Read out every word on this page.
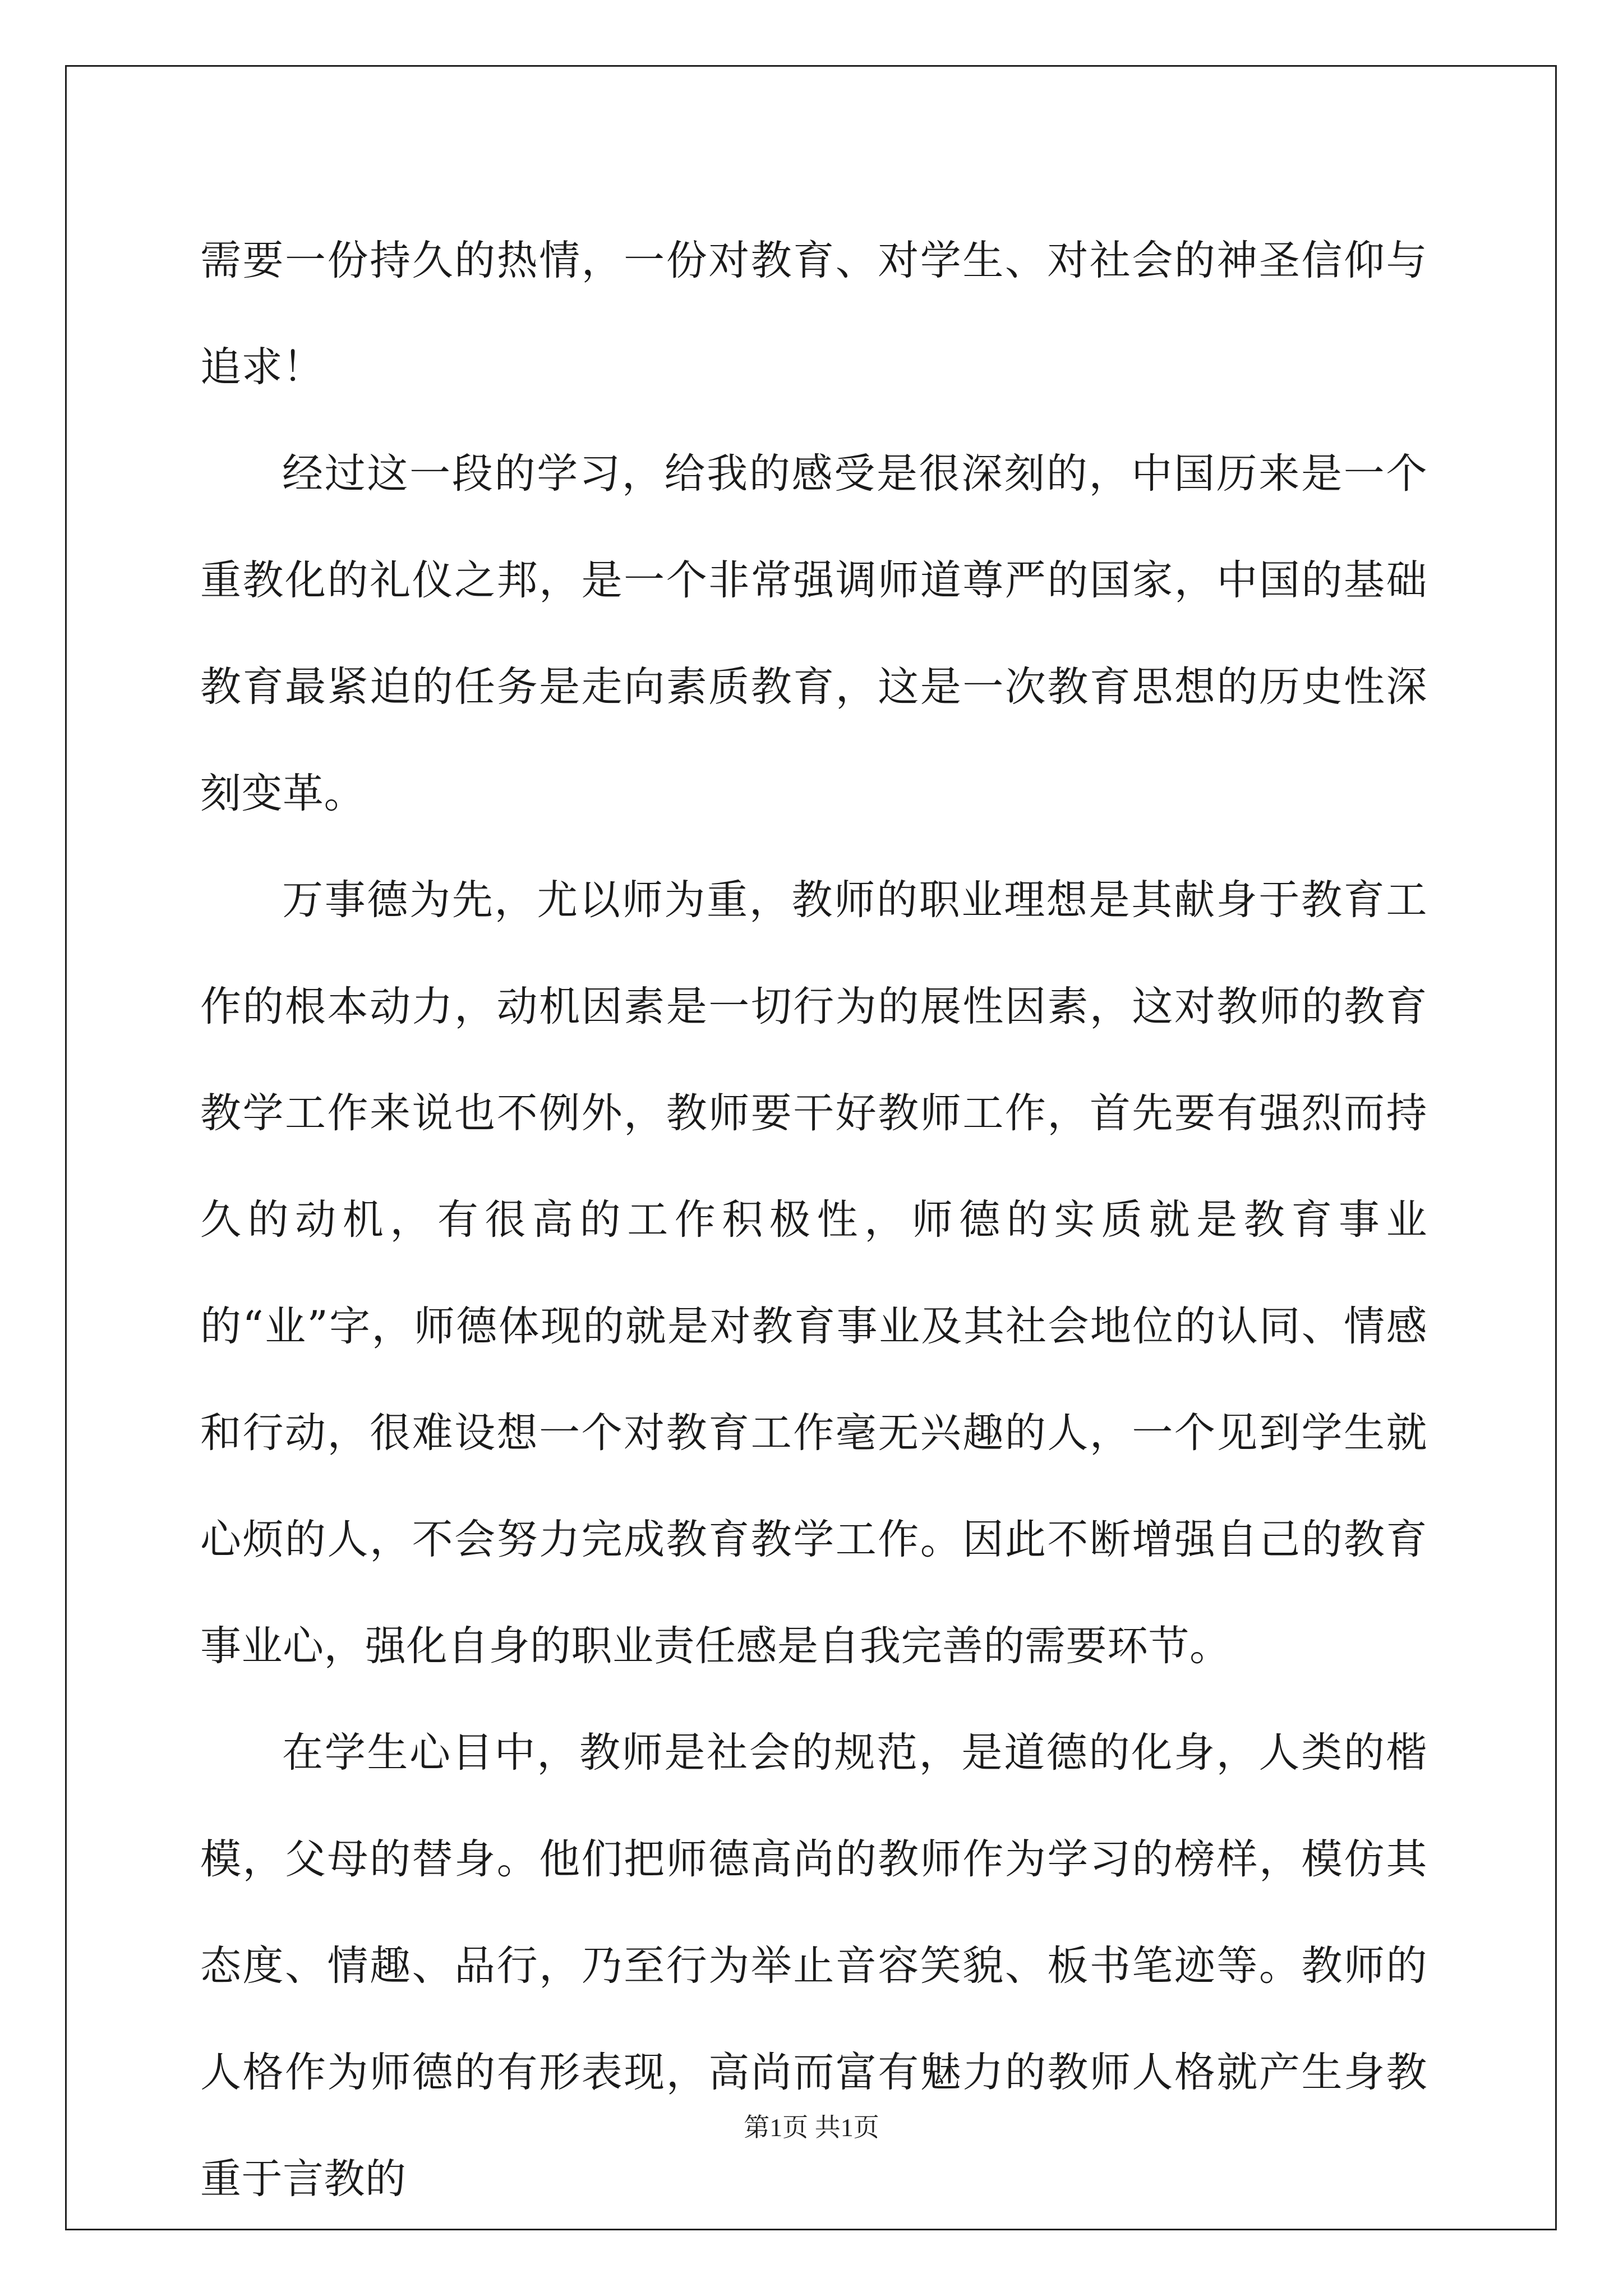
需要一份持久的热情，一份对教育、对学生、对社会的神圣信仰与追求！

经过这一段的学习，给我的感受是很深刻的，中国历来是一个重教化的礼仪之邦，是一个非常强调师道尊严的国家，中国的基础教育最紧迫的任务是走向素质教育，这是一次教育思想的历史性深刻变革。

万事德为先，尤以师为重，教师的职业理想是其献身于教育工作的根本动力，动机因素是一切行为的展性因素，这对教师的教育教学工作来说也不例外，教师要干好教师工作，首先要有强烈而持久的动机，有很高的工作积极性，师德的实质就是教育事业的“业”字，师德体现的就是对教育事业及其社会地位的认同、情感和行动，很难设想一个对教育工作毫无兴趣的人，一个见到学生就心烦的人，不会努力完成教育教学工作。因此不断增强自己的教育事业心，强化自身的职业责任感是自我完善的需要环节。

在学生心目中，教师是社会的规范，是道德的化身，人类的楷模，父母的替身。他们把师德高尚的教师作为学习的榜样，模仿其态度、情趣、品行，乃至行为举止音容笑貌、板书笔迹等。教师的人格作为师德的有形表现，高尚而富有魅力的教师人格就产生身教重于言教的

第1页 共1页
